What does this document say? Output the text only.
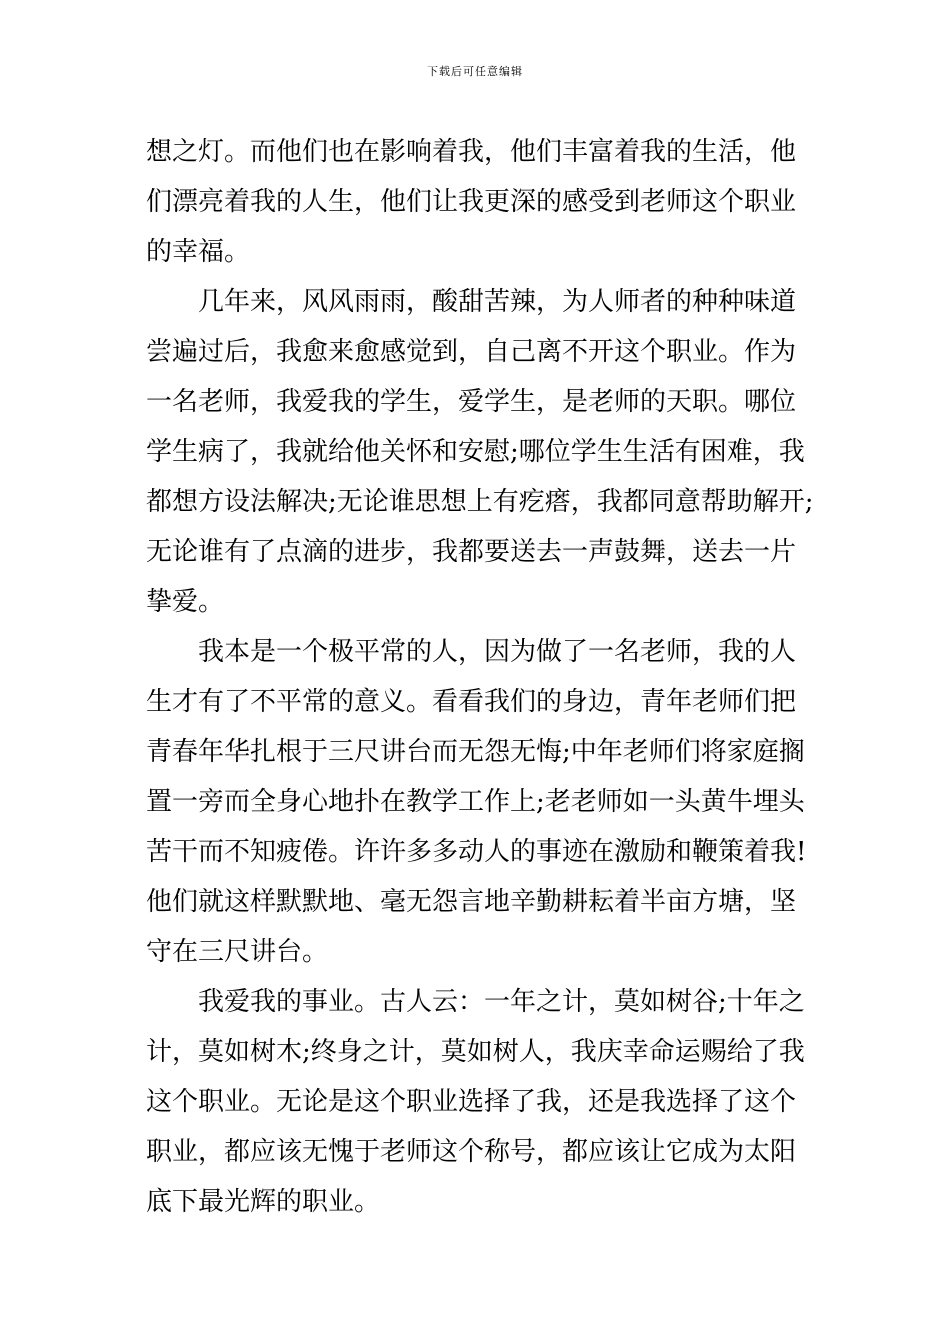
下载后可任意编辑

想之灯。而他们也在影响着我，他们丰富着我的生活，他
们漂亮着我的人生，他们让我更深的感受到老师这个职业
的幸福。

几年来，风风雨雨，酸甜苦辣，为人师者的种种味道
尝遍过后，我愈来愈感觉到，自己离不开这个职业。作为
一名老师，我爱我的学生，爱学生，是老师的天职。哪位
学生病了，我就给他关怀和安慰;哪位学生生活有困难，我
都想方设法解决;无论谁思想上有疙瘩，我都同意帮助解开;
无论谁有了点滴的进步，我都要送去一声鼓舞，送去一片
挚爱。

我本是一个极平常的人，因为做了一名老师，我的人
生才有了不平常的意义。看看我们的身边，青年老师们把
青春年华扎根于三尺讲台而无怨无悔;中年老师们将家庭搁
置一旁而全身心地扑在教学工作上;老老师如一头黄牛埋头
苦干而不知疲倦。许许多多动人的事迹在激励和鞭策着我!
他们就这样默默地、毫无怨言地辛勤耕耘着半亩方塘，坚
守在三尺讲台。

我爱我的事业。古人云：一年之计，莫如树谷;十年之
计，莫如树木;终身之计，莫如树人，我庆幸命运赐给了我
这个职业。无论是这个职业选择了我，还是我选择了这个
职业，都应该无愧于老师这个称号，都应该让它成为太阳
底下最光辉的职业。
